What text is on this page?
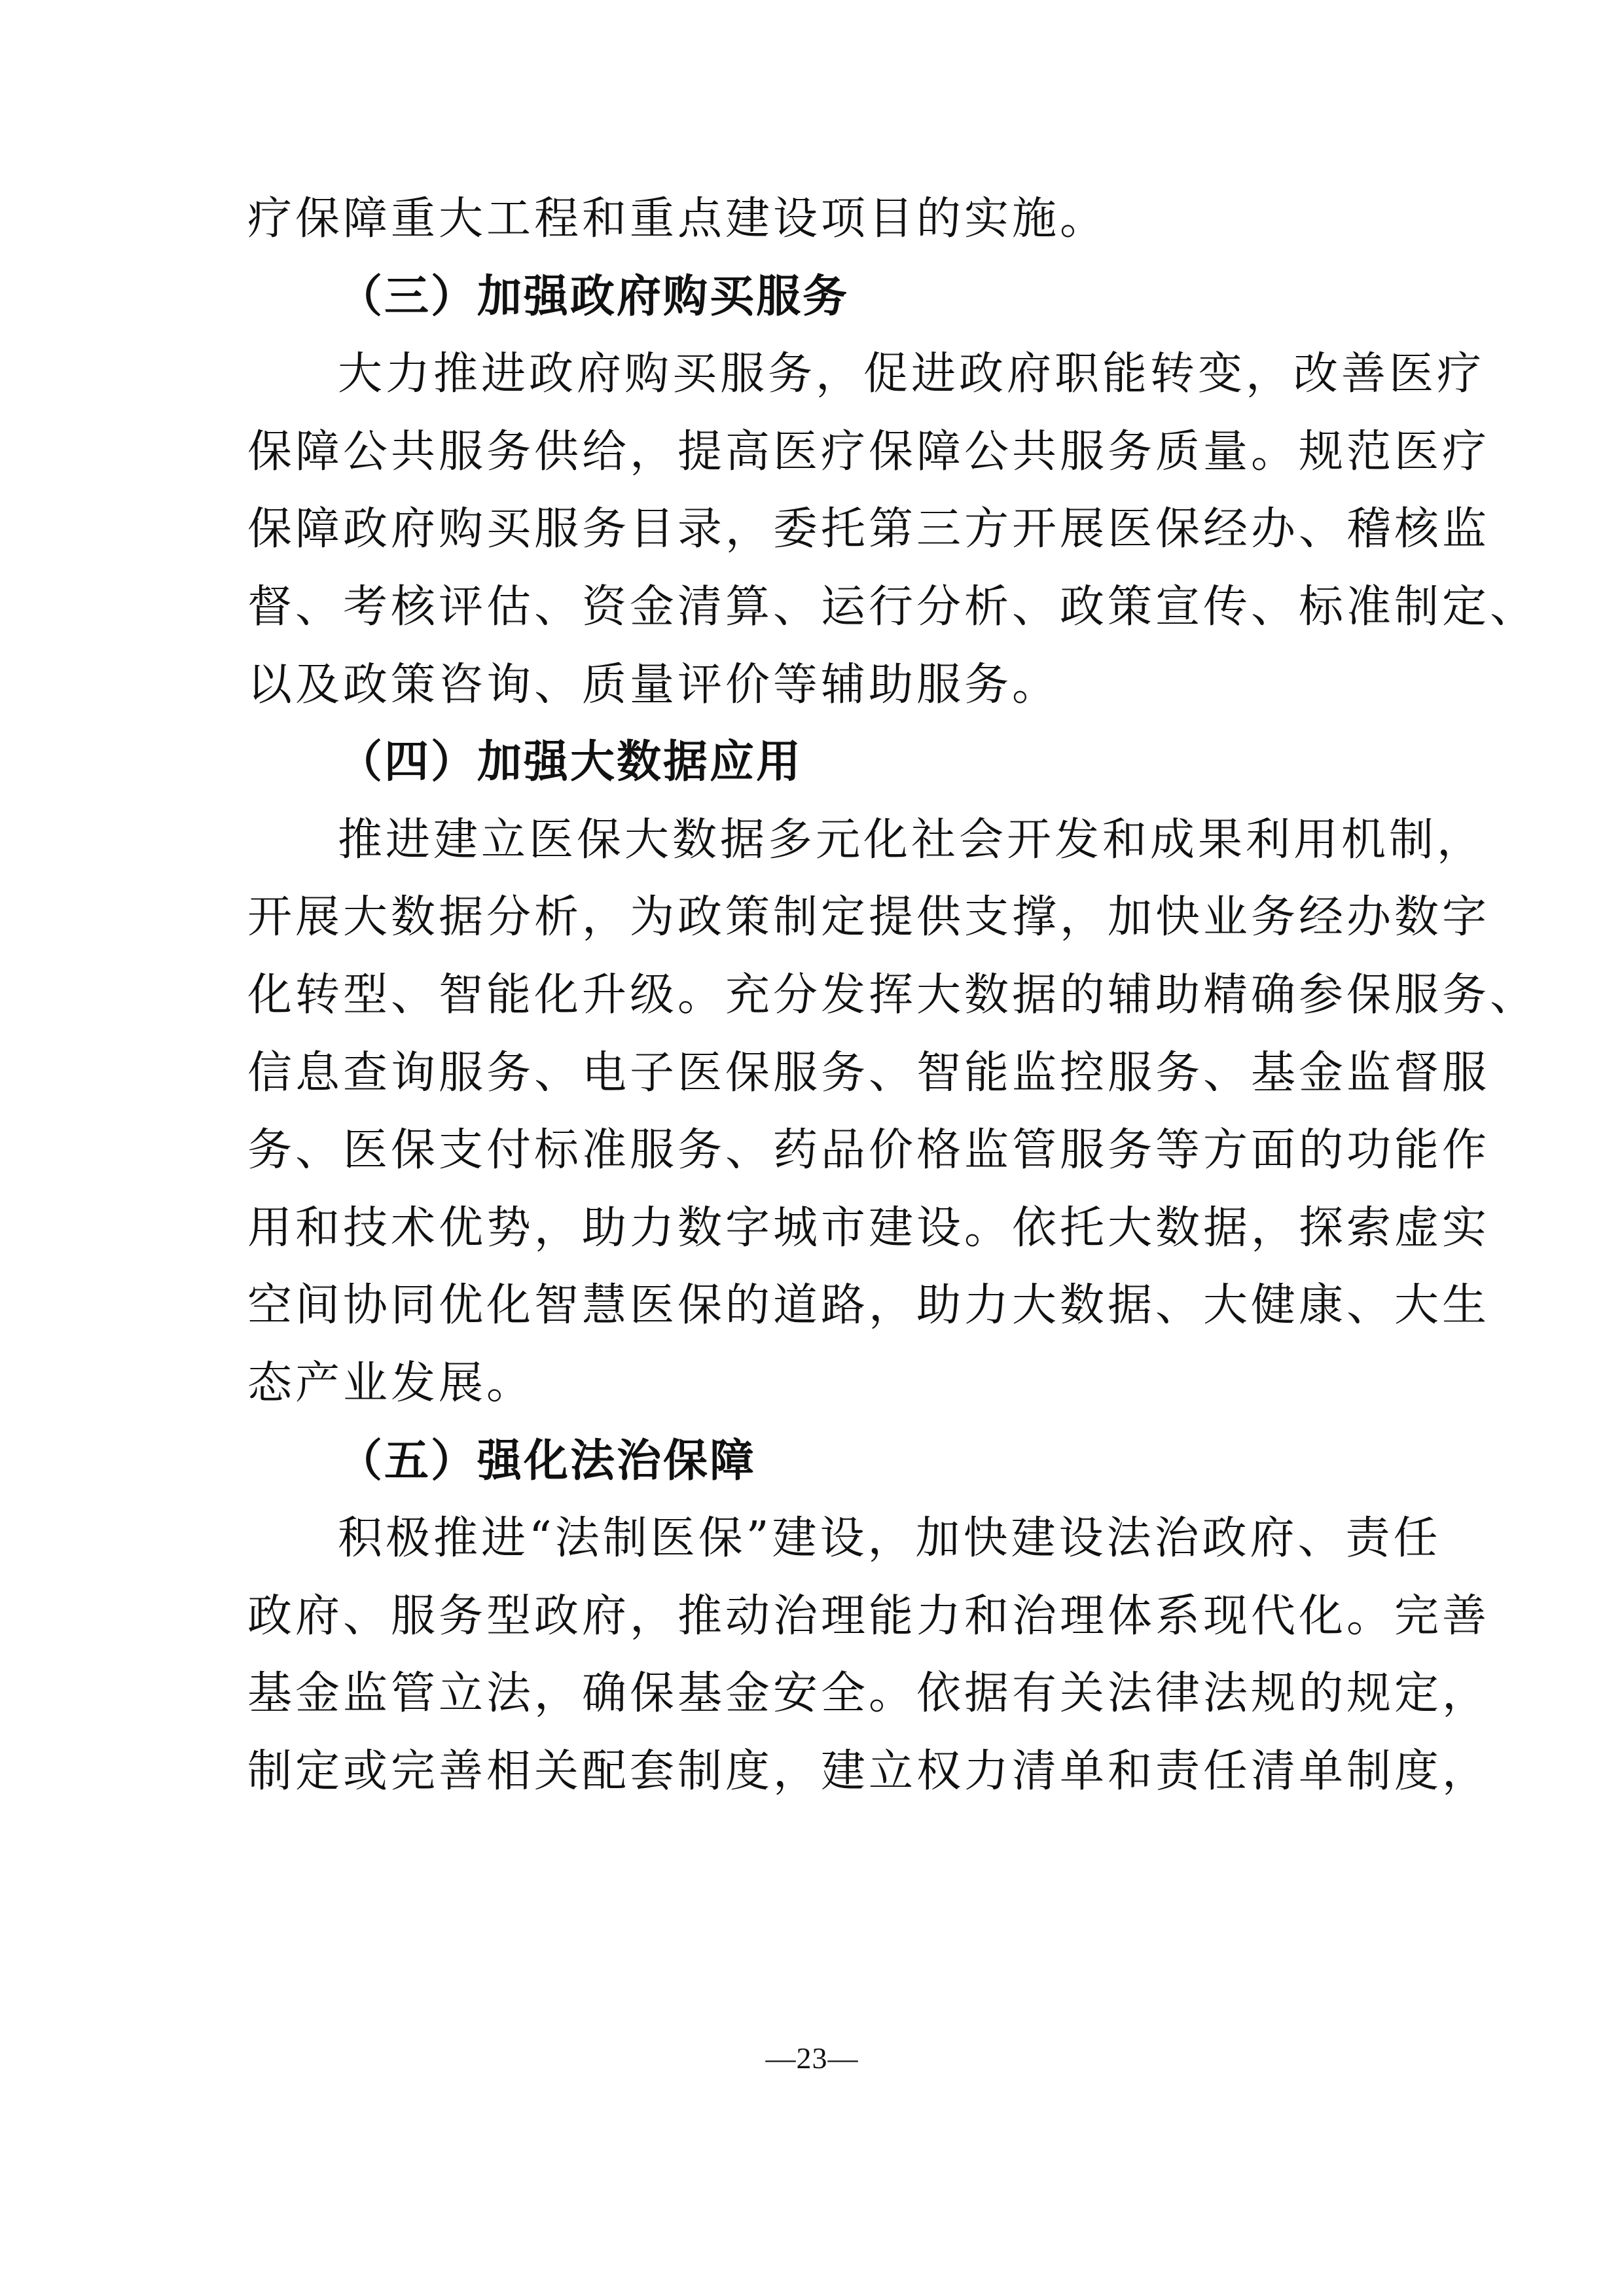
疗保障重大工程和重点建设项目的实施。
（三）加强政府购买服务
大力推进政府购买服务，促进政府职能转变，改善医疗
保障公共服务供给，提高医疗保障公共服务质量。规范医疗
保障政府购买服务目录，委托第三方开展医保经办、稽核监
督、考核评估、资金清算、运行分析、政策宣传、标准制定、
以及政策咨询、质量评价等辅助服务。
（四）加强大数据应用
推进建立医保大数据多元化社会开发和成果利用机制，
开展大数据分析，为政策制定提供支撑，加快业务经办数字
化转型、智能化升级。充分发挥大数据的辅助精确参保服务、
信息查询服务、电子医保服务、智能监控服务、基金监督服
务、医保支付标准服务、药品价格监管服务等方面的功能作
用和技术优势，助力数字城市建设。依托大数据，探索虚实
空间协同优化智慧医保的道路，助力大数据、大健康、大生
态产业发展。
（五）强化法治保障
积极推进“法制医保”建设，加快建设法治政府、责任
政府、服务型政府，推动治理能力和治理体系现代化。完善
基金监管立法，确保基金安全。依据有关法律法规的规定，
制定或完善相关配套制度，建立权力清单和责任清单制度，
—23—
